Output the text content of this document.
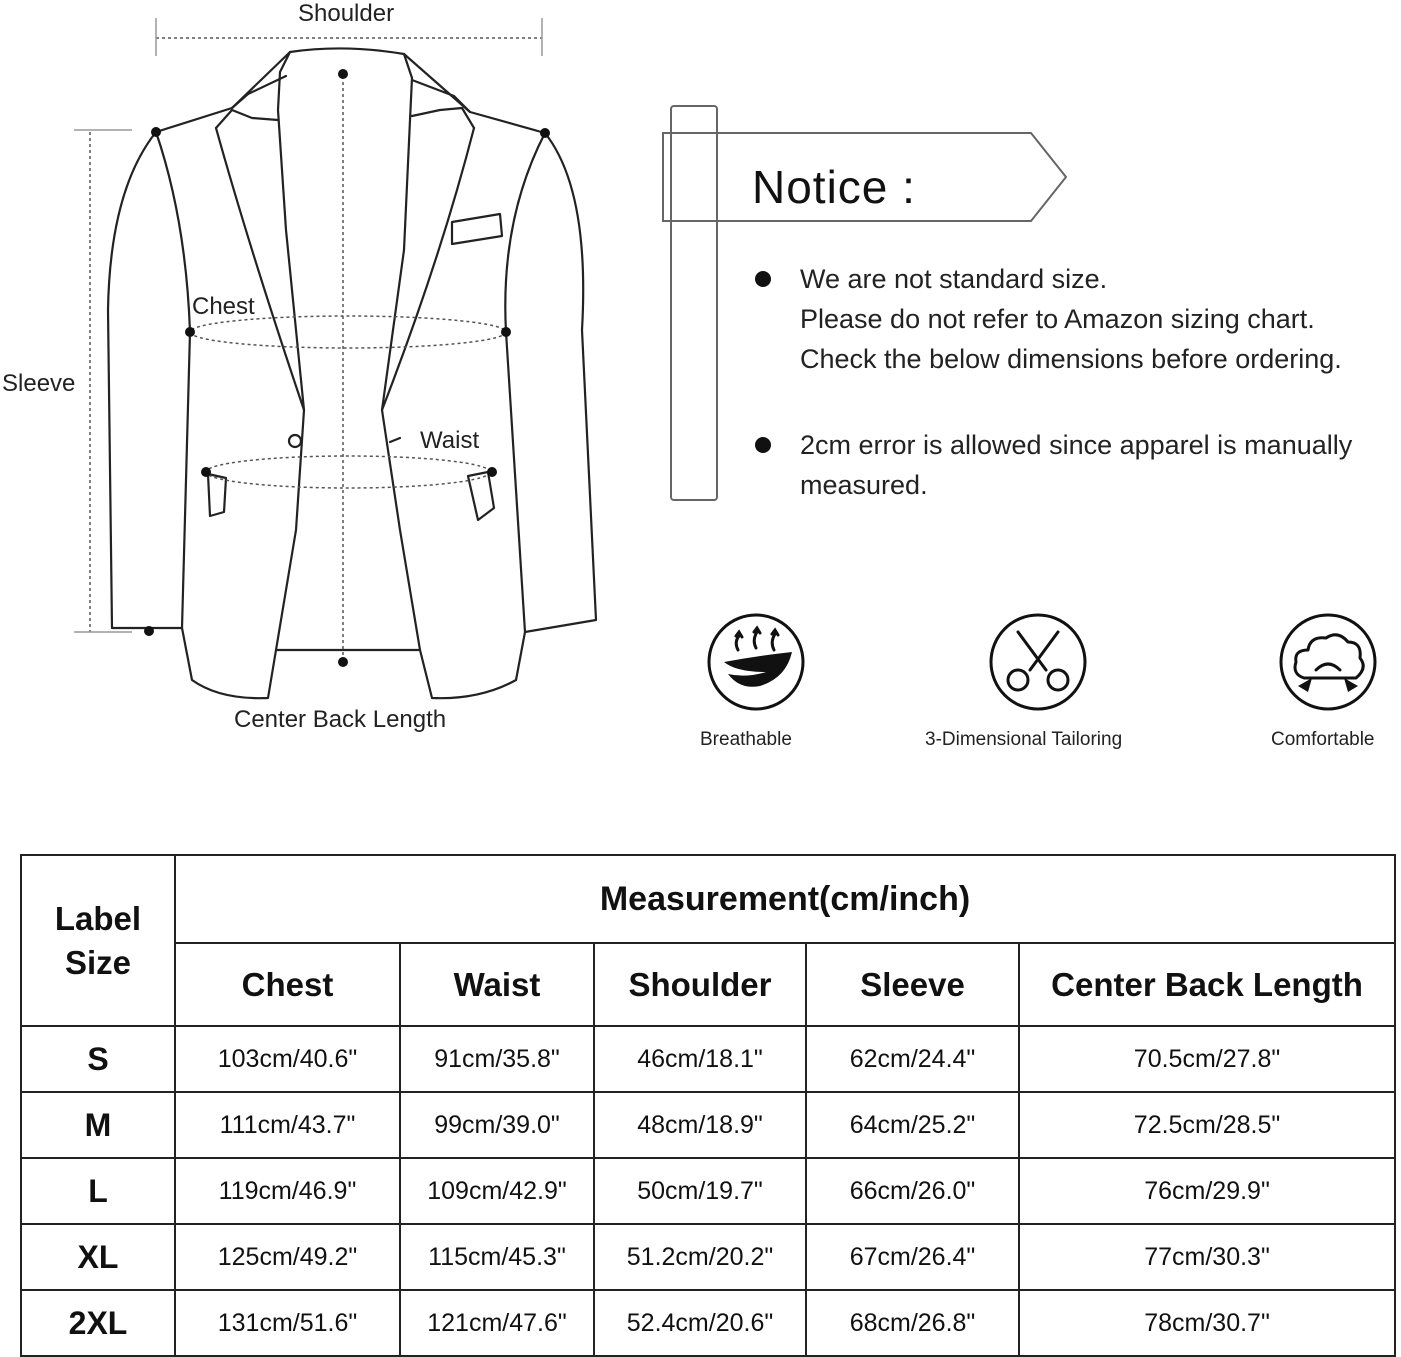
Shoulder
Sleeve
Chest
Waist
Center Back Length
Notice :
We are not standard size.
Please do not refer to Amazon sizing chart.
Check the below dimensions before ordering.
2cm error is allowed since apparel is manually
measured.
Breathable	3-Dimensional Tailoring	Comfortable
Label
Size	Measurement(cm/inch)				
	Chest	Waist	Shoulder	Sleeve	Center Back Length
S	103cm/40.6"	91cm/35.8"	46cm/18.1"	62cm/24.4"	70.5cm/27.8"
M	111cm/43.7"	99cm/39.0"	48cm/18.9"	64cm/25.2"	72.5cm/28.5"
L	119cm/46.9"	109cm/42.9"	50cm/19.7"	66cm/26.0"	76cm/29.9"
XL	125cm/49.2"	115cm/45.3"	51.2cm/20.2"	67cm/26.4"	77cm/30.3"
2XL	131cm/51.6"	121cm/47.6"	52.4cm/20.6"	68cm/26.8"	78cm/30.7"
